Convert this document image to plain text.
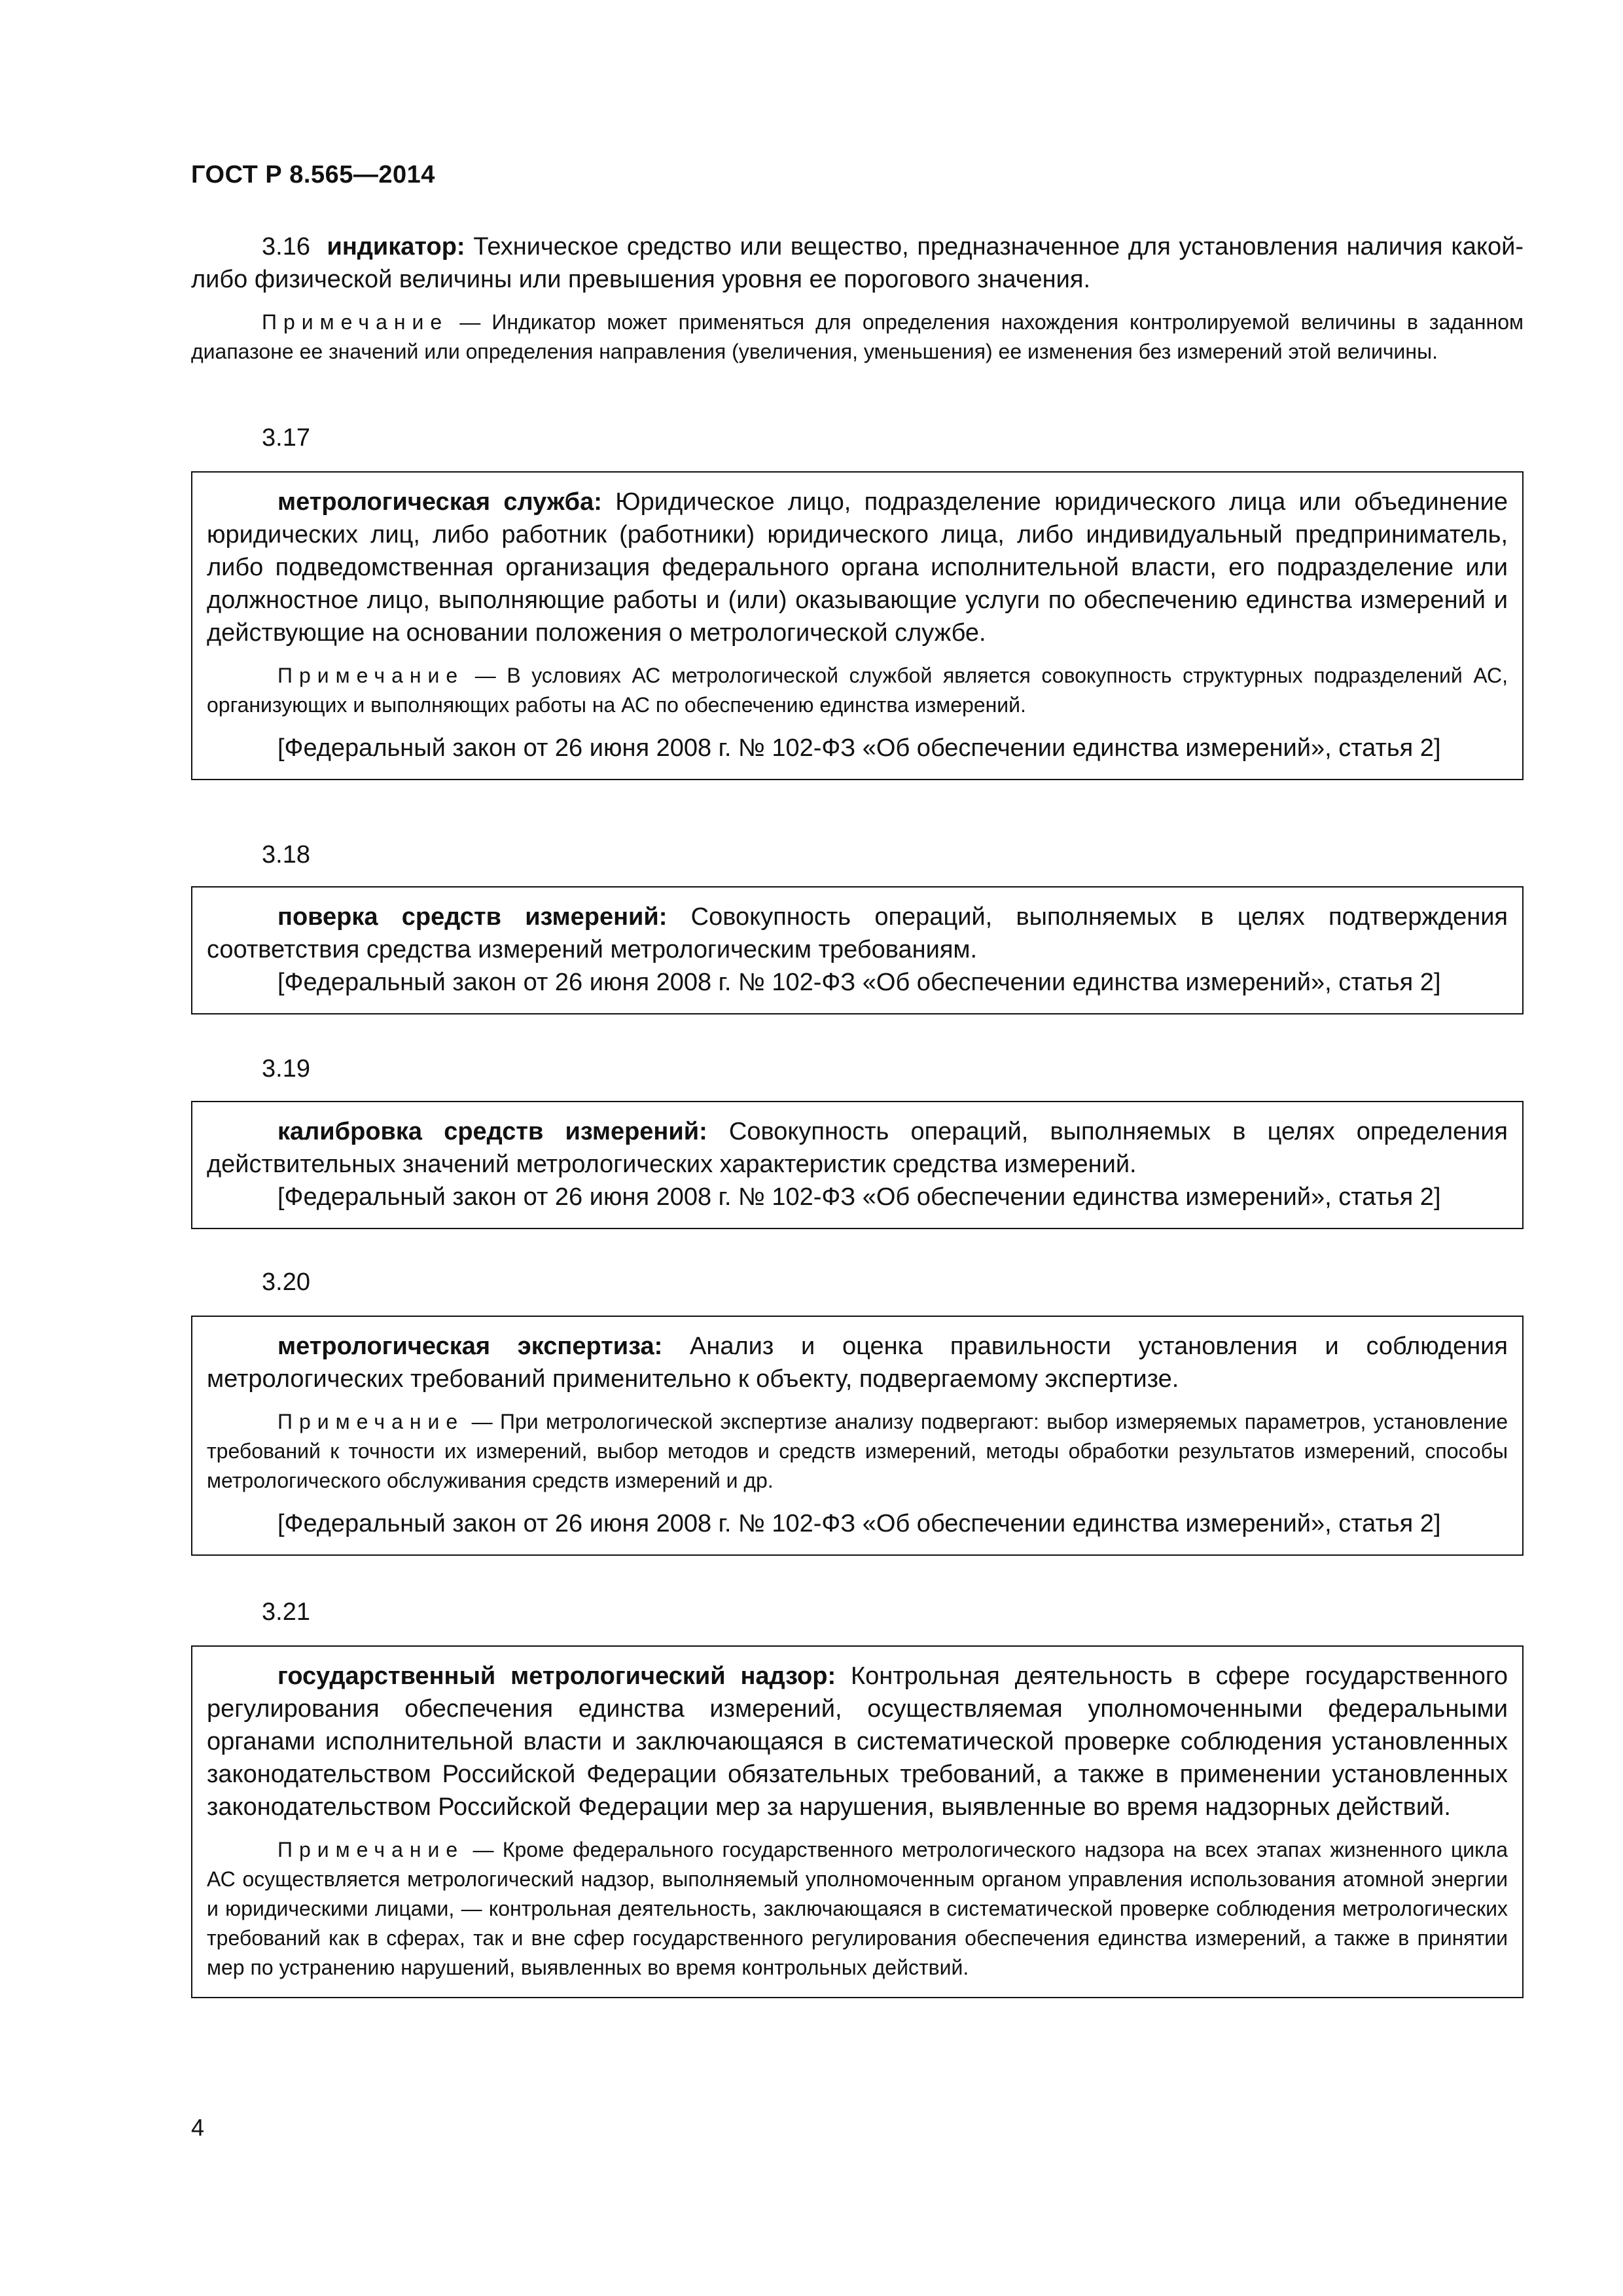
ГОСТ Р 8.565—2014

3.16 индикатор: Техническое средство или вещество, предназначенное для установления наличия какой-либо физической величины или превышения уровня ее порогового значения.

Примечание — Индикатор может применяться для определения нахождения контролируемой величины в заданном диапазоне ее значений или определения направления (увеличения, уменьшения) ее изменения без измерений этой величины.

3.17

метрологическая служба: Юридическое лицо, подразделение юридического лица или объединение юридических лиц, либо работник (работники) юридического лица, либо индивидуальный предприниматель, либо подведомственная организация федерального органа исполнительной власти, его подразделение или должностное лицо, выполняющие работы и (или) оказывающие услуги по обеспечению единства измерений и действующие на основании положения о метрологической службе.

Примечание — В условиях АС метрологической службой является совокупность структурных подразделений АС, организующих и выполняющих работы на АС по обеспечению единства измерений.

[Федеральный закон от 26 июня 2008 г. № 102-ФЗ «Об обеспечении единства измерений», статья 2]

3.18

поверка средств измерений: Совокупность операций, выполняемых в целях подтверждения соответствия средства измерений метрологическим требованиям.

[Федеральный закон от 26 июня 2008 г. № 102-ФЗ «Об обеспечении единства измерений», статья 2]

3.19

калибровка средств измерений: Совокупность операций, выполняемых в целях определения действительных значений метрологических характеристик средства измерений.

[Федеральный закон от 26 июня 2008 г. № 102-ФЗ «Об обеспечении единства измерений», статья 2]

3.20

метрологическая экспертиза: Анализ и оценка правильности установления и соблюдения метрологических требований применительно к объекту, подвергаемому экспертизе.

Примечание — При метрологической экспертизе анализу подвергают: выбор измеряемых параметров, установление требований к точности их измерений, выбор методов и средств измерений, методы обработки результатов измерений, способы метрологического обслуживания средств измерений и др.

[Федеральный закон от 26 июня 2008 г. № 102-ФЗ «Об обеспечении единства измерений», статья 2]

3.21

государственный метрологический надзор: Контрольная деятельность в сфере государственного регулирования обеспечения единства измерений, осуществляемая уполномоченными федеральными органами исполнительной власти и заключающаяся в систематической проверке соблюдения установленных законодательством Российской Федерации обязательных требований, а также в применении установленных законодательством Российской Федерации мер за нарушения, выявленные во время надзорных действий.

Примечание — Кроме федерального государственного метрологического надзора на всех этапах жизненного цикла АС осуществляется метрологический надзор, выполняемый уполномоченным органом управления использования атомной энергии и юридическими лицами, — контрольная деятельность, заключающаяся в систематической проверке соблюдения метрологических требований как в сферах, так и вне сфер государственного регулирования обеспечения единства измерений, а также в принятии мер по устранению нарушений, выявленных во время контрольных действий.

4
